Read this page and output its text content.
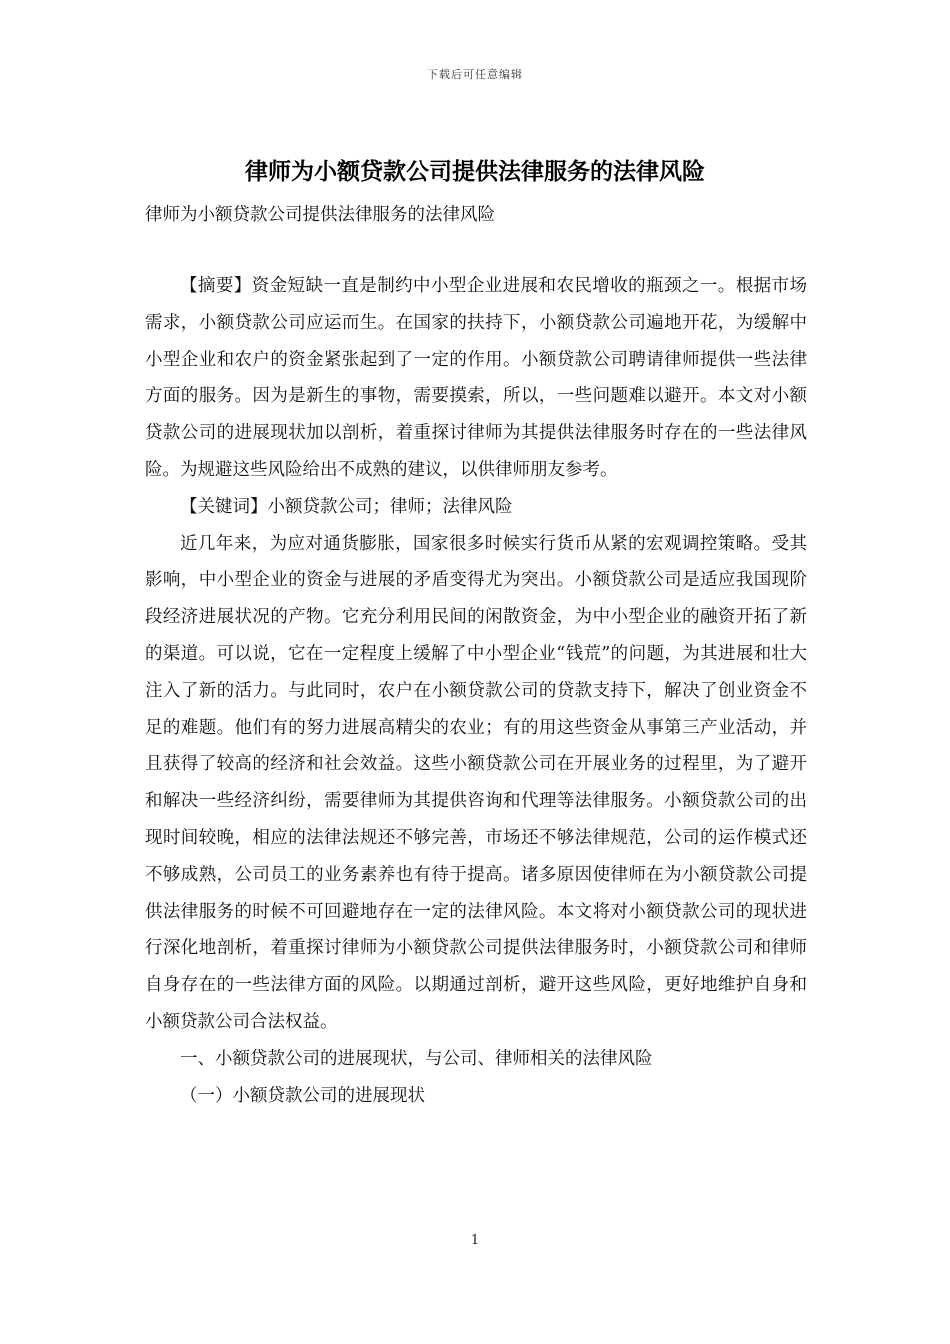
下载后可任意编辑
律师为小额贷款公司提供法律服务的法律风险
律师为小额贷款公司提供法律服务的法律风险

【摘要】资金短缺一直是制约中小型企业进展和农民增收的瓶颈之一。根据市场需求，小额贷款公司应运而生。在国家的扶持下，小额贷款公司遍地开花，为缓解中小型企业和农户的资金紧张起到了一定的作用。小额贷款公司聘请律师提供一些法律方面的服务。因为是新生的事物，需要摸索，所以，一些问题难以避开。本文对小额贷款公司的进展现状加以剖析，着重探讨律师为其提供法律服务时存在的一些法律风险。为规避这些风险给出不成熟的建议，以供律师朋友参考。

【关键词】小额贷款公司；律师；法律风险

近几年来，为应对通货膨胀，国家很多时候实行货币从紧的宏观调控策略。受其影响，中小型企业的资金与进展的矛盾变得尤为突出。小额贷款公司是适应我国现阶段经济进展状况的产物。它充分利用民间的闲散资金，为中小型企业的融资开拓了新的渠道。可以说，它在一定程度上缓解了中小型企业“钱荒”的问题，为其进展和壮大注入了新的活力。与此同时，农户在小额贷款公司的贷款支持下，解决了创业资金不足的难题。他们有的努力进展高精尖的农业；有的用这些资金从事第三产业活动，并且获得了较高的经济和社会效益。这些小额贷款公司在开展业务的过程里，为了避开和解决一些经济纠纷，需要律师为其提供咨询和代理等法律服务。小额贷款公司的出现时间较晚，相应的法律法规还不够完善，市场还不够法律规范，公司的运作模式还不够成熟，公司员工的业务素养也有待于提高。诸多原因使律师在为小额贷款公司提供法律服务的时候不可回避地存在一定的法律风险。本文将对小额贷款公司的现状进行深化地剖析，着重探讨律师为小额贷款公司提供法律服务时，小额贷款公司和律师自身存在的一些法律方面的风险。以期通过剖析，避开这些风险，更好地维护自身和小额贷款公司合法权益。

一、小额贷款公司的进展现状，与公司、律师相关的法律风险

（一）小额贷款公司的进展现状

1
